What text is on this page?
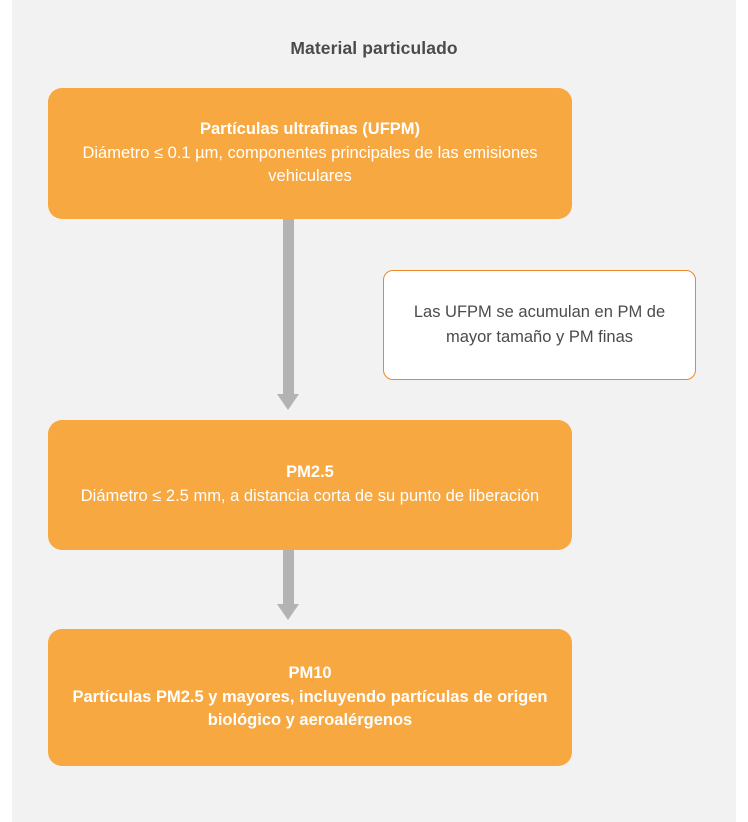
Material particulado
Partículas ultrafinas (UFPM)
Diámetro ≤ 0.1 µm, componentes principales de las emisiones vehiculares
Las UFPM se acumulan en PM de mayor tamaño y PM finas
PM2.5
Diámetro ≤ 2.5 mm, a distancia corta de su punto de liberación
PM10
Partículas PM2.5 y mayores, incluyendo partículas de origen biológico y aeroalérgenos
